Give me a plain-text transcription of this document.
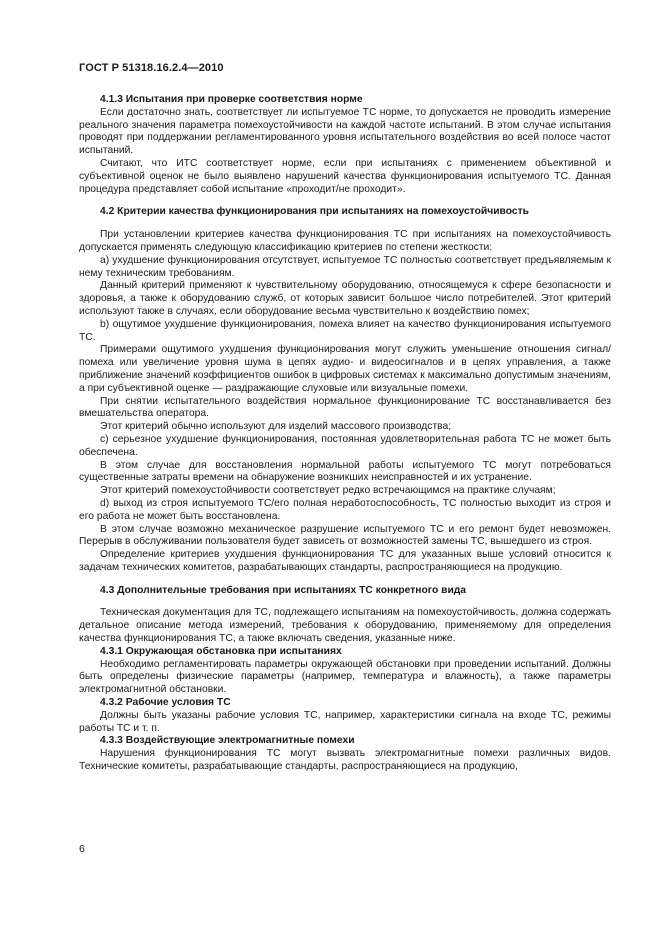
ГОСТ Р 51318.16.2.4—2010
4.1.3 Испытания при проверке соответствия норме

Если достаточно знать, соответствует ли испытуемое ТС норме, то допускается не проводить измерение реального значения параметра помехоустойчивости на каждой частоте испытаний. В этом случае испытания проводят при поддержании регламентированного уровня испытательного воздействия во всей полосе частот испытаний.

Считают, что ИТС соответствует норме, если при испытаниях с применением объективной и субъективной оценок не было выявлено нарушений качества функционирования испытуемого ТС. Данная процедура представляет собой испытание «проходит/не проходит».

4.2 Критерии качества функционирования при испытаниях на помехоустойчивость

При установлении критериев качества функционирования ТС при испытаниях на помехоустойчивость допускается применять следующую классификацию критериев по степени жесткости:

а) ухудшение функционирования отсутствует, испытуемое ТС полностью соответствует предъявляемым к нему техническим требованиям.

Данный критерий применяют к чувствительному оборудованию, относящемуся к сфере безопасности и здоровья, а также к оборудованию служб, от которых зависит большое число потребителей. Этот критерий используют также в случаях, если оборудование весьма чувствительно к воздействию помех;

b) ощутимое ухудшение функционирования, помеха влияет на качество функционирования испытуемого ТС.

Примерами ощутимого ухудшения функционирования могут служить уменьшение отношения сигнал/помеха или увеличение уровня шума в цепях аудио- и видеосигналов и в цепях управления, а также приближение значений коэффициентов ошибок в цифровых системах к максимально допустимым значениям, а при субъективной оценке — раздражающие слуховые или визуальные помехи.

При снятии испытательного воздействия нормальное функционирование ТС восстанавливается без вмешательства оператора.

Этот критерий обычно используют для изделий массового производства;

с) серьезное ухудшение функционирования, постоянная удовлетворительная работа ТС не может быть обеспечена.

В этом случае для восстановления нормальной работы испытуемого ТС могут потребоваться существенные затраты времени на обнаружение возникших неисправностей и их устранение.

Этот критерий помехоустойчивости соответствует редко встречающимся на практике случаям;

d) выход из строя испытуемого ТС/его полная неработоспособность, ТС полностью выходит из строя и его работа не может быть восстановлена.

В этом случае возможно механическое разрушение испытуемого ТС и его ремонт будет невозможен. Перерыв в обслуживании пользователя будет зависеть от возможностей замены ТС, вышедшего из строя.

Определение критериев ухудшения функционирования ТС для указанных выше условий относится к задачам технических комитетов, разрабатывающих стандарты, распространяющиеся на продукцию.

4.3 Дополнительные требования при испытаниях ТС конкретного вида

Техническая документация для ТС, подлежащего испытаниям на помехоустойчивость, должна содержать детальное описание метода измерений, требования к оборудованию, применяемому для определения качества функционирования ТС, а также включать сведения, указанные ниже.

4.3.1 Окружающая обстановка при испытаниях

Необходимо регламентировать параметры окружающей обстановки при проведении испытаний. Должны быть определены физические параметры (например, температура и влажность), а также параметры электромагнитной обстановки.

4.3.2 Рабочие условия ТС

Должны быть указаны рабочие условия ТС, например, характеристики сигнала на входе ТС, режимы работы ТС и т. п.

4.3.3 Воздействующие электромагнитные помехи

Нарушения функционирования ТС могут вызвать электромагнитные помехи различных видов. Технические комитеты, разрабатывающие стандарты, распространяющиеся на продукцию,

6
